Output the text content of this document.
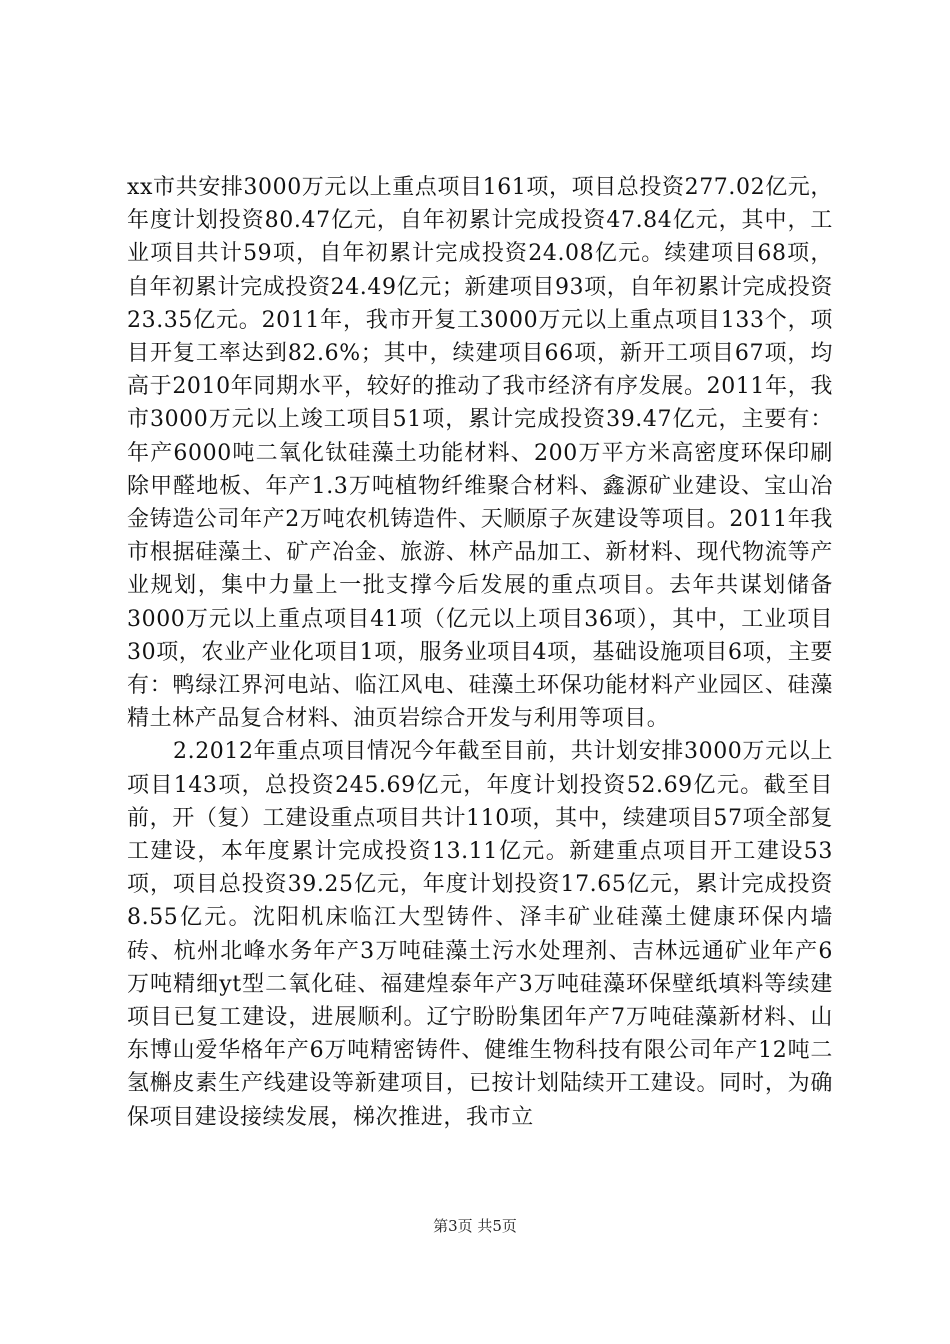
xx市共安排3000万元以上重点项目161项，项目总投资277.02亿元，年度计划投资80.47亿元，自年初累计完成投资47.84亿元，其中，工业项目共计59项，自年初累计完成投资24.08亿元。续建项目68项，自年初累计完成投资24.49亿元；新建项目93项，自年初累计完成投资23.35亿元。2011年，我市开复工3000万元以上重点项目133个，项目开复工率达到82.6%；其中，续建项目66项，新开工项目67项，均高于2010年同期水平，较好的推动了我市经济有序发展。2011年，我市3000万元以上竣工项目51项，累计完成投资39.47亿元，主要有：年产6000吨二氧化钛硅藻土功能材料、200万平方米高密度环保印刷除甲醛地板、年产1.3万吨植物纤维聚合材料、鑫源矿业建设、宝山冶金铸造公司年产2万吨农机铸造件、天顺原子灰建设等项目。2011年我市根据硅藻土、矿产冶金、旅游、林产品加工、新材料、现代物流等产业规划，集中力量上一批支撑今后发展的重点项目。去年共谋划储备3000万元以上重点项目41项（亿元以上项目36项），其中，工业项目30项，农业产业化项目1项，服务业项目4项，基础设施项目6项，主要有：鸭绿江界河电站、临江风电、硅藻土环保功能材料产业园区、硅藻精土林产品复合材料、油页岩综合开发与利用等项目。

2.2012年重点项目情况今年截至目前，共计划安排3000万元以上项目143项，总投资245.69亿元，年度计划投资52.69亿元。截至目前，开（复）工建设重点项目共计110项，其中，续建项目57项全部复工建设，本年度累计完成投资13.11亿元。新建重点项目开工建设53项，项目总投资39.25亿元，年度计划投资17.65亿元，累计完成投资8.55亿元。沈阳机床临江大型铸件、泽丰矿业硅藻土健康环保内墙砖、杭州北峰水务年产3万吨硅藻土污水处理剂、吉林远通矿业年产6万吨精细yt型二氧化硅、福建煌泰年产3万吨硅藻环保壁纸填料等续建项目已复工建设，进展顺利。辽宁盼盼集团年产7万吨硅藻新材料、山东博山爱华格年产6万吨精密铸件、健维生物科技有限公司年产12吨二氢槲皮素生产线建设等新建项目，已按计划陆续开工建设。同时，为确保项目建设接续发展，梯次推进，我市立

第3页 共5页
